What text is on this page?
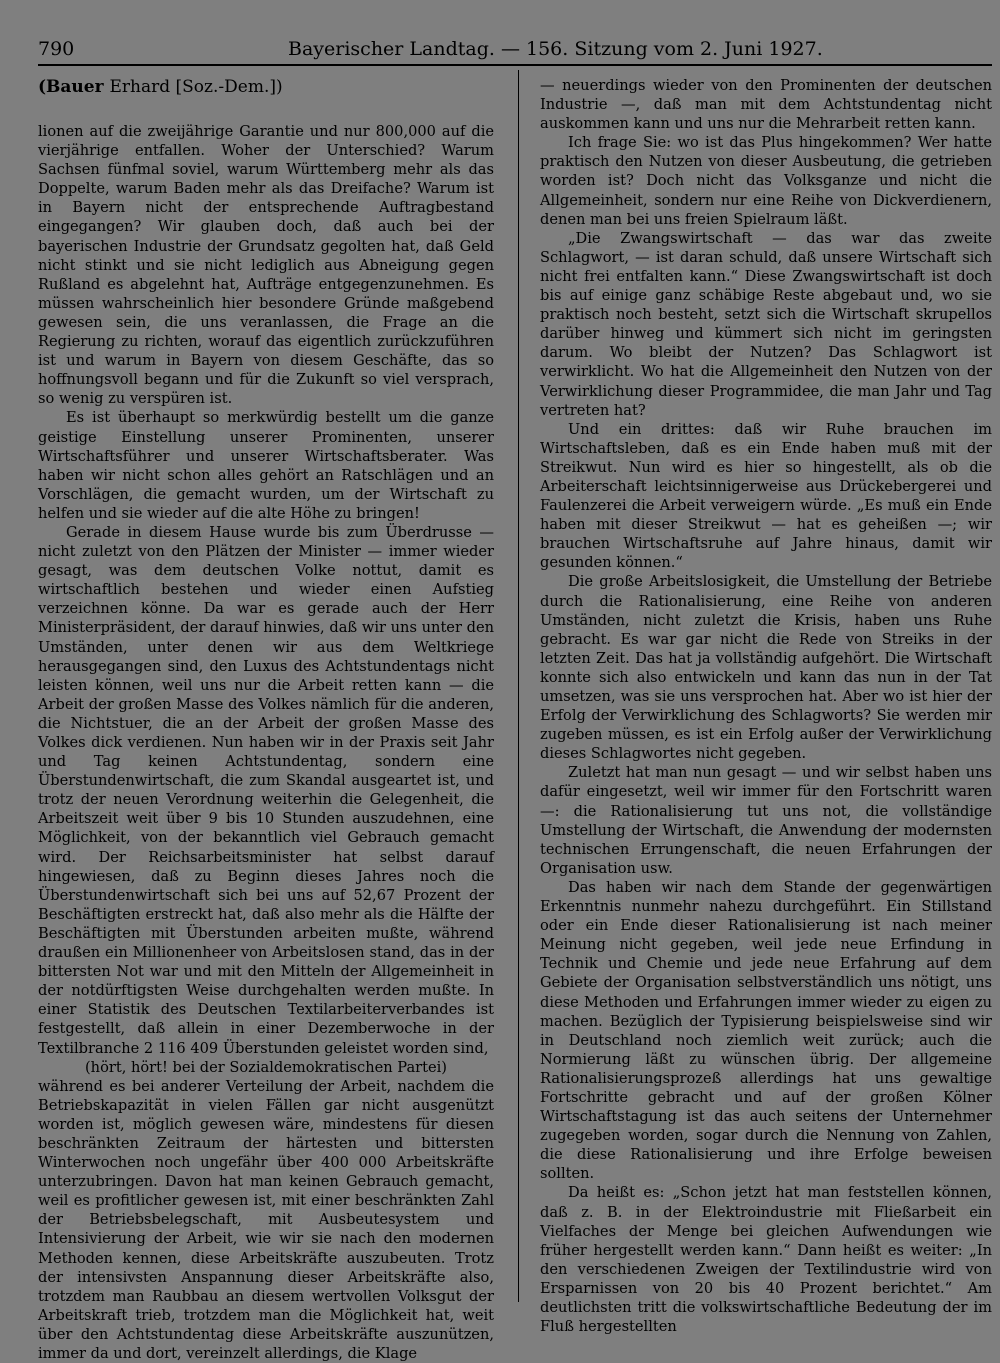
790	Bayerischer Landtag. — 156. Sitzung vom 2. Juni 1927.
(Bauer Erhard [Soz.-Dem.])

lionen auf die zweijährige Garantie und nur 800,000 auf die vierjährige entfallen. Woher der Unterschied? Warum Sachsen fünfmal soviel, warum Württemberg mehr als das Doppelte, warum Baden mehr als das Dreifache? Warum ist in Bayern nicht der entsprechende Auftragbestand eingegangen? Wir glauben doch, daß auch bei der bayerischen Industrie der Grundsatz gegolten hat, daß Geld nicht stinkt und sie nicht lediglich aus Abneigung gegen Rußland es abgelehnt hat, Aufträge entgegenzunehmen. Es müssen wahrscheinlich hier besondere Gründe maßgebend gewesen sein, die uns veranlassen, die Frage an die Regierung zu richten, worauf das eigentlich zurückzuführen ist und warum in Bayern von diesem Geschäfte, das so hoffnungsvoll begann und für die Zukunft so viel versprach, so wenig zu verspüren ist.

Es ist überhaupt so merkwürdig bestellt um die ganze geistige Einstellung unserer Prominenten, unserer Wirtschaftsführer und unserer Wirtschaftsberater. Was haben wir nicht schon alles gehört an Ratschlägen und an Vorschlägen, die gemacht wurden, um der Wirtschaft zu helfen und sie wieder auf die alte Höhe zu bringen!

Gerade in diesem Hause wurde bis zum Überdrusse — nicht zuletzt von den Plätzen der Minister — immer wieder gesagt, was dem deutschen Volke nottut, damit es wirtschaftlich bestehen und wieder einen Aufstieg verzeichnen könne. Da war es gerade auch der Herr Ministerpräsident, der darauf hinwies, daß wir uns unter den Umständen, unter denen wir aus dem Weltkriege herausgegangen sind, den Luxus des Achtstundentags nicht leisten können, weil uns nur die Arbeit retten kann — die Arbeit der großen Masse des Volkes nämlich für die anderen, die Nichtstuer, die an der Arbeit der großen Masse des Volkes dick verdienen. Nun haben wir in der Praxis seit Jahr und Tag keinen Achtstundentag, sondern eine Überstundenwirtschaft, die zum Skandal ausgeartet ist, und trotz der neuen Verordnung weiterhin die Gelegenheit, die Arbeitszeit weit über 9 bis 10 Stunden auszudehnen, eine Möglichkeit, von der bekanntlich viel Gebrauch gemacht wird. Der Reichsarbeitsminister hat selbst darauf hingewiesen, daß zu Beginn dieses Jahres noch die Überstundenwirtschaft sich bei uns auf 52,67 Prozent der Beschäftigten erstreckt hat, daß also mehr als die Hälfte der Beschäftigten mit Überstunden arbeiten mußte, während draußen ein Millionenheer von Arbeitslosen stand, das in der bittersten Not war und mit den Mitteln der Allgemeinheit in der notdürftigsten Weise durchgehalten werden mußte. In einer Statistik des Deutschen Textilarbeiterverbandes ist festgestellt, daß allein in einer Dezemberwoche in der Textilbranche 2 116 409 Überstunden geleistet worden sind,

(hört, hört! bei der Sozialdemokratischen Partei)

während es bei anderer Verteilung der Arbeit, nachdem die Betriebskapazität in vielen Fällen gar nicht ausgenützt worden ist, möglich gewesen wäre, mindestens für diesen beschränkten Zeitraum der härtesten und bittersten Winterwochen noch ungefähr über 400 000 Arbeitskräfte unterzubringen. Davon hat man keinen Gebrauch gemacht, weil es profitlicher gewesen ist, mit einer beschränkten Zahl der Betriebsbelegschaft, mit Ausbeutesystem und Intensivierung der Arbeit, wie wir sie nach den modernen Methoden kennen, diese Arbeitskräfte auszubeuten. Trotz der intensivsten Anspannung dieser Arbeitskräfte also, trotzdem man Raubbau an diesem wertvollen Volksgut der Arbeitskraft trieb, trotzdem man die Möglichkeit hat, weit über den Achtstundentag diese Arbeitskräfte auszunützen, immer da und dort, vereinzelt allerdings, die Klage

— neuerdings wieder von den Prominenten der deutschen Industrie —, daß man mit dem Achtstundentag nicht auskommen kann und uns nur die Mehrarbeit retten kann.

Ich frage Sie: wo ist das Plus hingekommen? Wer hatte praktisch den Nutzen von dieser Ausbeutung, die getrieben worden ist? Doch nicht das Volksganze und nicht die Allgemeinheit, sondern nur eine Reihe von Dickverdienern, denen man bei uns freien Spielraum läßt.

„Die Zwangswirtschaft — das war das zweite Schlagwort, — ist daran schuld, daß unsere Wirtschaft sich nicht frei entfalten kann.“ Diese Zwangswirtschaft ist doch bis auf einige ganz schäbige Reste abgebaut und, wo sie praktisch noch besteht, setzt sich die Wirtschaft skrupellos darüber hinweg und kümmert sich nicht im geringsten darum. Wo bleibt der Nutzen? Das Schlagwort ist verwirklicht. Wo hat die Allgemeinheit den Nutzen von der Verwirklichung dieser Programmidee, die man Jahr und Tag vertreten hat?

Und ein drittes: daß wir Ruhe brauchen im Wirtschaftsleben, daß es ein Ende haben muß mit der Streikwut. Nun wird es hier so hingestellt, als ob die Arbeiterschaft leichtsinnigerweise aus Drückebergerei und Faulenzerei die Arbeit verweigern würde. „Es muß ein Ende haben mit dieser Streikwut — hat es geheißen —; wir brauchen Wirtschaftsruhe auf Jahre hinaus, damit wir gesunden können.“

Die große Arbeitslosigkeit, die Umstellung der Betriebe durch die Rationalisierung, eine Reihe von anderen Umständen, nicht zuletzt die Krisis, haben uns Ruhe gebracht. Es war gar nicht die Rede von Streiks in der letzten Zeit. Das hat ja vollständig aufgehört. Die Wirtschaft konnte sich also entwickeln und kann das nun in der Tat umsetzen, was sie uns versprochen hat. Aber wo ist hier der Erfolg der Verwirklichung des Schlagworts? Sie werden mir zugeben müssen, es ist ein Erfolg außer der Verwirklichung dieses Schlagwortes nicht gegeben.

Zuletzt hat man nun gesagt — und wir selbst haben uns dafür eingesetzt, weil wir immer für den Fortschritt waren —: die Rationalisierung tut uns not, die vollständige Umstellung der Wirtschaft, die Anwendung der modernsten technischen Errungenschaft, die neuen Erfahrungen der Organisation usw.

Das haben wir nach dem Stande der gegenwärtigen Erkenntnis nunmehr nahezu durchgeführt. Ein Stillstand oder ein Ende dieser Rationalisierung ist nach meiner Meinung nicht gegeben, weil jede neue Erfindung in Technik und Chemie und jede neue Erfahrung auf dem Gebiete der Organisation selbstverständlich uns nötigt, uns diese Methoden und Erfahrungen immer wieder zu eigen zu machen. Bezüglich der Typisierung beispielsweise sind wir in Deutschland noch ziemlich weit zurück; auch die Normierung läßt zu wünschen übrig. Der allgemeine Rationalisierungsprozeß allerdings hat uns gewaltige Fortschritte gebracht und auf der großen Kölner Wirtschaftstagung ist das auch seitens der Unternehmer zugegeben worden, sogar durch die Nennung von Zahlen, die diese Rationalisierung und ihre Erfolge beweisen sollten.

Da heißt es: „Schon jetzt hat man feststellen können, daß z. B. in der Elektroindustrie mit Fließarbeit ein Vielfaches der Menge bei gleichen Aufwendungen wie früher hergestellt werden kann.“ Dann heißt es weiter: „In den verschiedenen Zweigen der Textilindustrie wird von Ersparnissen von 20 bis 40 Prozent berichtet.“ Am deutlichsten tritt die volkswirtschaftliche Bedeutung der im Fluß hergestellten
